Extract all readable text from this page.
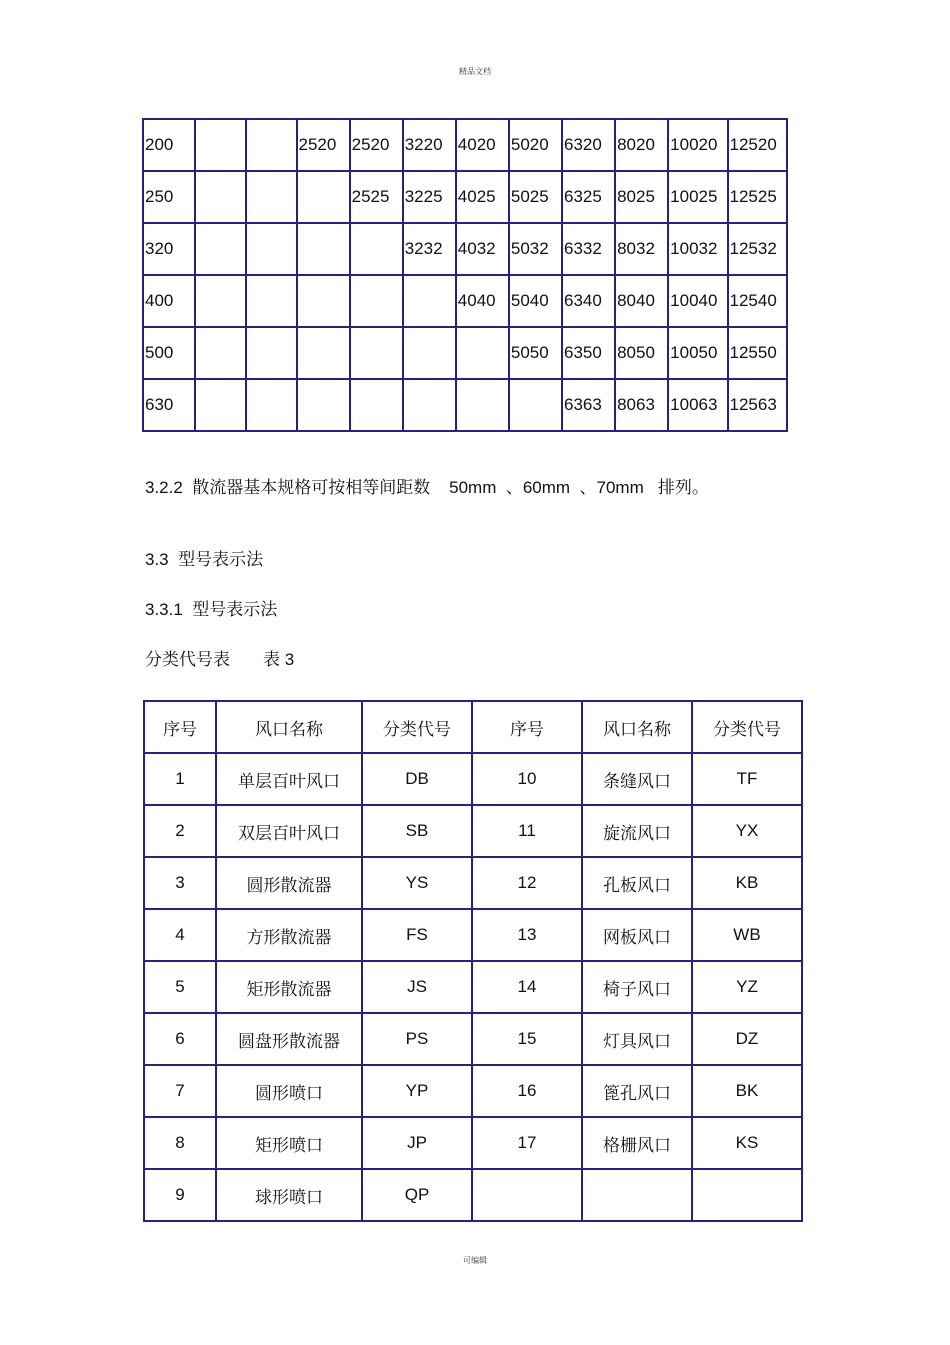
精品文档
200			2520	2520	3220	4020	5020	6320	8020	10020	12520
250				2525	3225	4025	5025	6325	8025	10025	12525
320					3232	4032	5032	6332	8032	10032	12532
400						4040	5040	6340	8040	10040	12540
500							5050	6350	8050	10050	12550
630								6363	8063	10063	12563
3.2.2  散流器基本规格可按相等间距数    50mm  、60mm  、70mm   排列。
3.3  型号表示法
3.3.1  型号表示法
分类代号表       表 3
序号	风口名称	分类代号	序号	风口名称	分类代号
1	单层百叶风口	DB	10	条缝风口	TF
2	双层百叶风口	SB	11	旋流风口	YX
3	圆形散流器	YS	12	孔板风口	KB
4	方形散流器	FS	13	网板风口	WB
5	矩形散流器	JS	14	椅子风口	YZ
6	圆盘形散流器	PS	15	灯具风口	DZ
7	圆形喷口	YP	16	篦孔风口	BK
8	矩形喷口	JP	17	格栅风口	KS
9	球形喷口	QP			
可编辑
